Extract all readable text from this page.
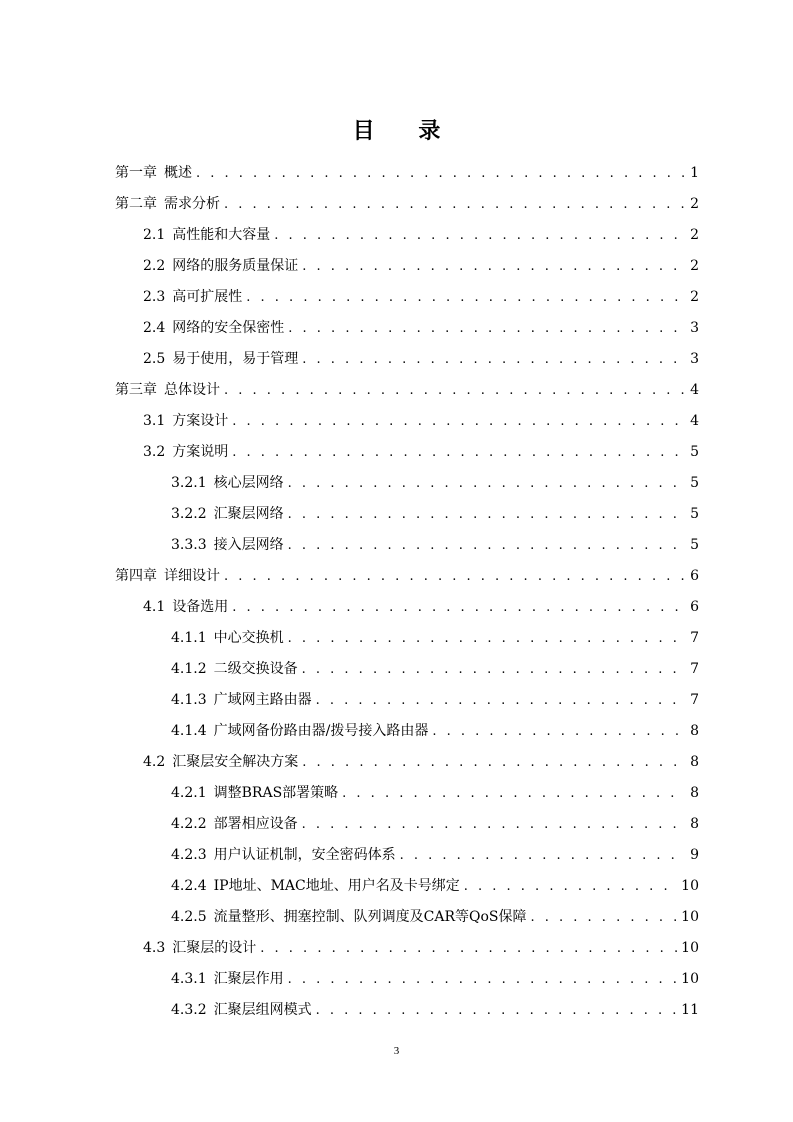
目 录
第一章 概述 . . .	1
第二章 需求分析 . . .	2
2.1 高性能和大容量 . . .	2
2.2 网络的服务质量保证 . . .	2
2.3 高可扩展性 . . .	2
2.4 网络的安全保密性 . . .	3
2.5 易于使用，易于管理 . . .	3
第三章 总体设计 . . .	4
3.1 方案设计 . . .	4
3.2 方案说明 . . .	5
3.2.1 核心层网络 . . .	5
3.2.2 汇聚层网络 . . .	5
3.3.3 接入层网络 . . .	5
第四章 详细设计 . . .	6
4.1 设备选用 . . .	6
4.1.1 中心交换机 . . .	7
4.1.2 二级交换设备 . . .	7
4.1.3 广域网主路由器 . . .	7
4.1.4 广域网备份路由器/拨号接入路由器 . . .	8
4.2 汇聚层安全解决方案 . . .	8
4.2.1 调整BRAS部署策略 . . .	8
4.2.2 部署相应设备 . . .	8
4.2.3 用户认证机制，安全密码体系 . . .	9
4.2.4 IP地址、MAC地址、用户名及卡号绑定 . . .	10
4.2.5 流量整形、拥塞控制、队列调度及CAR等QoS保障 . . .	10
4.3 汇聚层的设计 . . .	10
4.3.1 汇聚层作用 . . .	10
4.3.2 汇聚层组网模式 . . .	11
3
